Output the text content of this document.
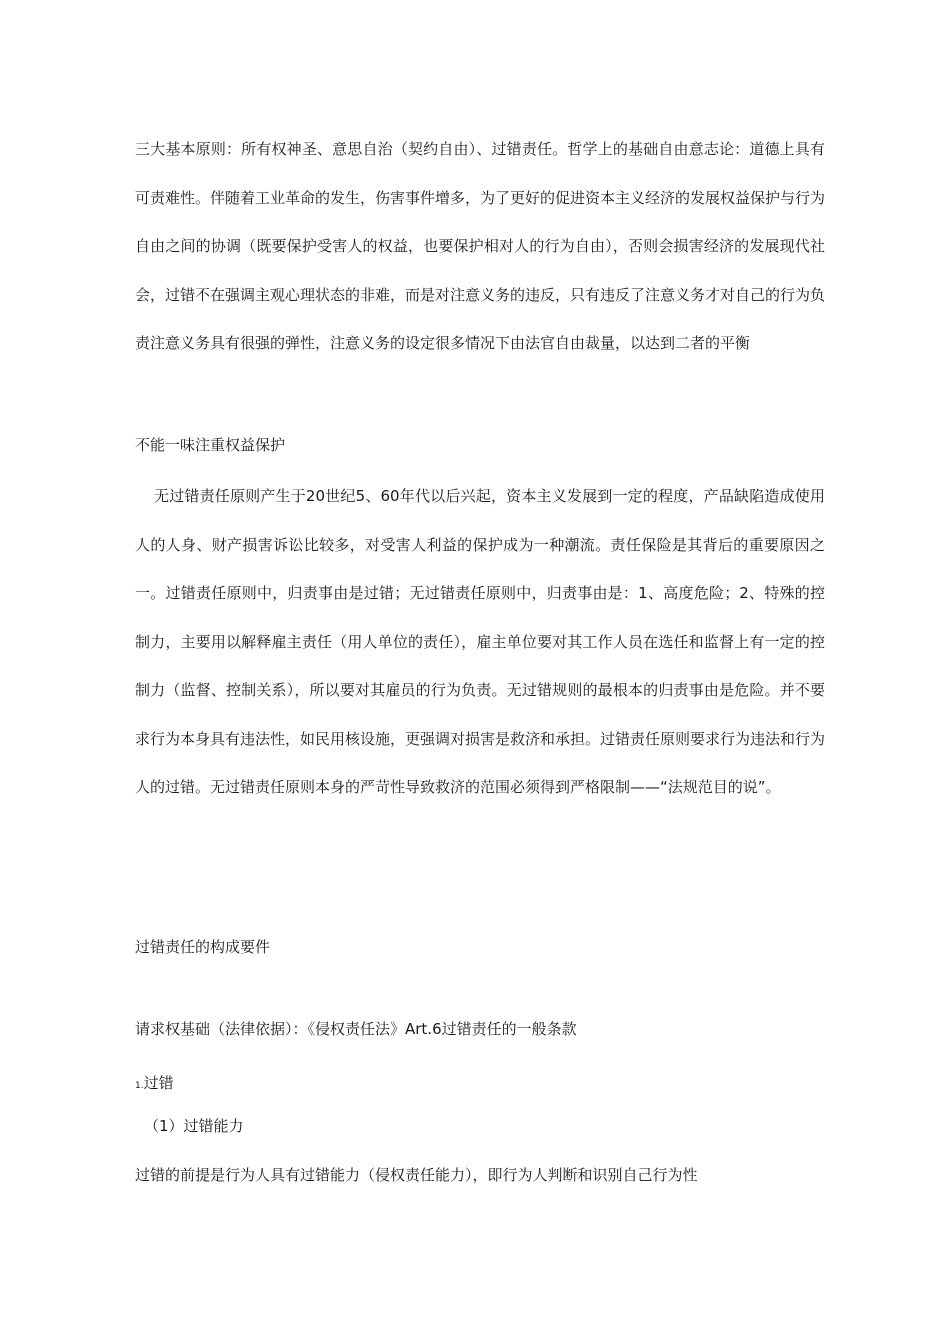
三大基本原则：所有权神圣、意思自治（契约自由）、过错责任。哲学上的基础自由意志论：道德上具有可责难性。伴随着工业革命的发生，伤害事件增多，为了更好的促进资本主义经济的发展权益保护与行为自由之间的协调（既要保护受害人的权益，也要保护相对人的行为自由），否则会损害经济的发展现代社会，过错不在强调主观心理状态的非难，而是对注意义务的违反，只有违反了注意义务才对自己的行为负责注意义务具有很强的弹性，注意义务的设定很多情况下由法官自由裁量，以达到二者的平衡

不能一味注重权益保护

无过错责任原则产生于20世纪5、60年代以后兴起，资本主义发展到一定的程度，产品缺陷造成使用人的人身、财产损害诉讼比较多，对受害人利益的保护成为一种潮流。责任保险是其背后的重要原因之一。过错责任原则中，归责事由是过错；无过错责任原则中，归责事由是：1、高度危险；2、特殊的控制力，主要用以解释雇主责任（用人单位的责任），雇主单位要对其工作人员在选任和监督上有一定的控制力（监督、控制关系），所以要对其雇员的行为负责。无过错规则的最根本的归责事由是危险。并不要求行为本身具有违法性，如民用核设施，更强调对损害是救济和承担。过错责任原则要求行为违法和行为人的过错。无过错责任原则本身的严苛性导致救济的范围必须得到严格限制——“法规范目的说”。

过错责任的构成要件

请求权基础（法律依据）：《侵权责任法》Art.6过错责任的一般条款

1.过错

（1）过错能力

过错的前提是行为人具有过错能力（侵权责任能力），即行为人判断和识别自己行为性
